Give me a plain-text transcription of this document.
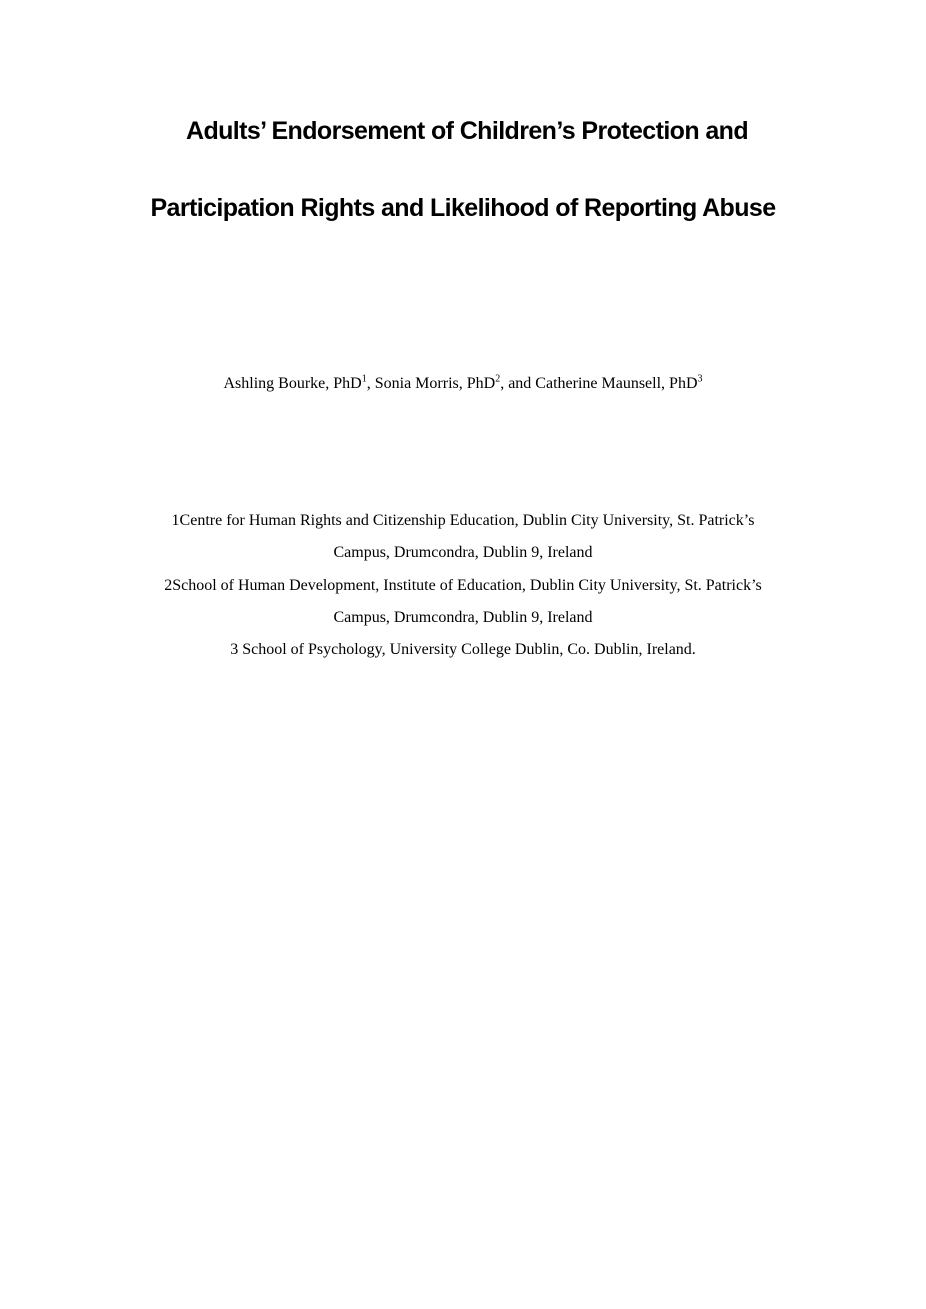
Adults’ Endorsement of Children’s Protection and
Participation Rights and Likelihood of Reporting Abuse
Ashling Bourke, PhD$^1$, Sonia Morris, PhD$^2$, and Catherine Maunsell, PhD$^3$
1Centre for Human Rights and Citizenship Education, Dublin City University, St. Patrick’s
Campus, Drumcondra, Dublin 9, Ireland
2School of Human Development, Institute of Education, Dublin City University, St. Patrick’s
Campus, Drumcondra, Dublin 9, Ireland
3 School of Psychology, University College Dublin, Co. Dublin, Ireland.
